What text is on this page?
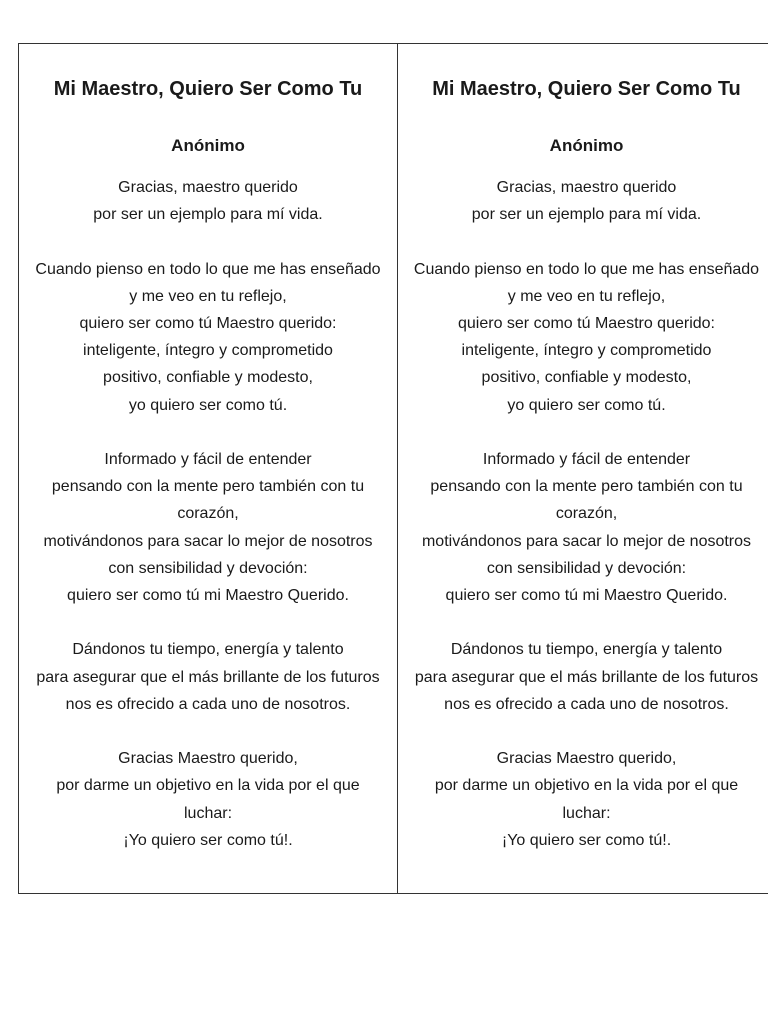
Mi Maestro, Quiero Ser Como Tu
Anónimo
Gracias, maestro querido
por ser un ejemplo para mí vida.
Cuando pienso en todo lo que me has enseñado
y me veo en tu reflejo,
quiero ser como tú Maestro querido:
inteligente, íntegro y comprometido
positivo, confiable y modesto,
yo quiero ser como tú.
Informado y fácil de entender
pensando con la mente pero también con tu
corazón,
motivándonos para sacar lo mejor de nosotros
con sensibilidad y devoción:
quiero ser como tú mi Maestro Querido.
Dándonos tu tiempo, energía y talento
para asegurar que el más brillante de los futuros
nos es ofrecido a cada uno de nosotros.
Gracias Maestro querido,
por darme un objetivo en la vida por el que
luchar:
¡Yo quiero ser como tú!.
Mi Maestro, Quiero Ser Como Tu
Anónimo
Gracias, maestro querido
por ser un ejemplo para mí vida.
Cuando pienso en todo lo que me has enseñado
y me veo en tu reflejo,
quiero ser como tú Maestro querido:
inteligente, íntegro y comprometido
positivo, confiable y modesto,
yo quiero ser como tú.
Informado y fácil de entender
pensando con la mente pero también con tu
corazón,
motivándonos para sacar lo mejor de nosotros
con sensibilidad y devoción:
quiero ser como tú mi Maestro Querido.
Dándonos tu tiempo, energía y talento
para asegurar que el más brillante de los futuros
nos es ofrecido a cada uno de nosotros.
Gracias Maestro querido,
por darme un objetivo en la vida por el que
luchar:
¡Yo quiero ser como tú!.
